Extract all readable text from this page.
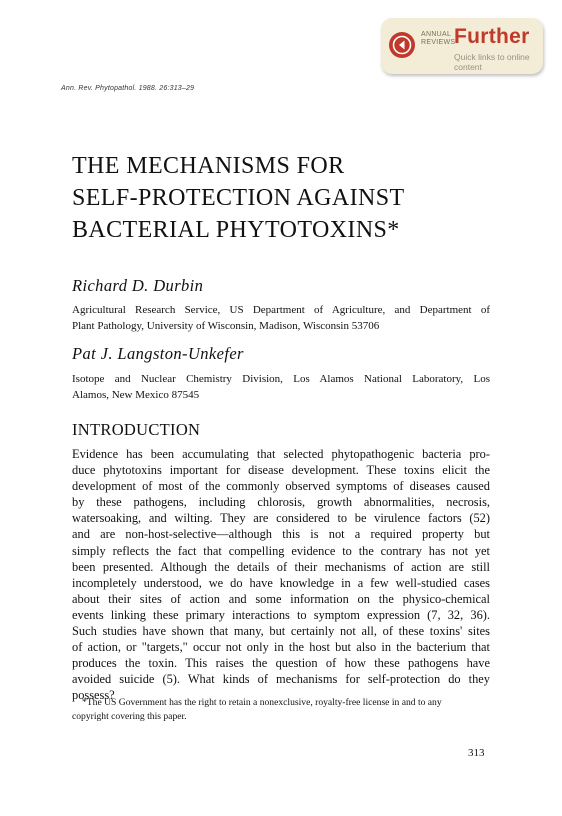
ANNUAL
REVIEWS
Further
Quick links to online content
Ann. Rev. Phytopathol. 1988. 26:313–29
THE MECHANISMS FOR
SELF-PROTECTION AGAINST
BACTERIAL PHYTOTOXINS*
Richard D. Durbin
Agricultural Research Service, US Department of Agriculture, and Department of
Plant Pathology, University of Wisconsin, Madison, Wisconsin 53706
Pat J. Langston-Unkefer
Isotope and Nuclear Chemistry Division, Los Alamos National Laboratory, Los
Alamos, New Mexico 87545
INTRODUCTION
Evidence has been accumulating that selected phytopathogenic bacteria pro-
duce phytotoxins important for disease development. These toxins elicit the
development of most of the commonly observed symptoms of diseases caused
by these pathogens, including chlorosis, growth abnormalities, necrosis,
watersoaking, and wilting. They are considered to be virulence factors (52)
and are non-host-selective—although this is not a required property but
simply reflects the fact that compelling evidence to the contrary has not yet
been presented. Although the details of their mechanisms of action are still
incompletely understood, we do have knowledge in a few well-studied cases
about their sites of action and some information on the physico-chemical
events linking these primary interactions to symptom expression (7, 32, 36).
Such studies have shown that many, but certainly not all, of these toxins' sites
of action, or "targets," occur not only in the host but also in the bacterium that
produces the toxin. This raises the question of how these pathogens have
avoided suicide (5). What kinds of mechanisms for self-protection do they
possess?
*The US Government has the right to retain a nonexclusive, royalty-free license in and to any
copyright covering this paper.
313
